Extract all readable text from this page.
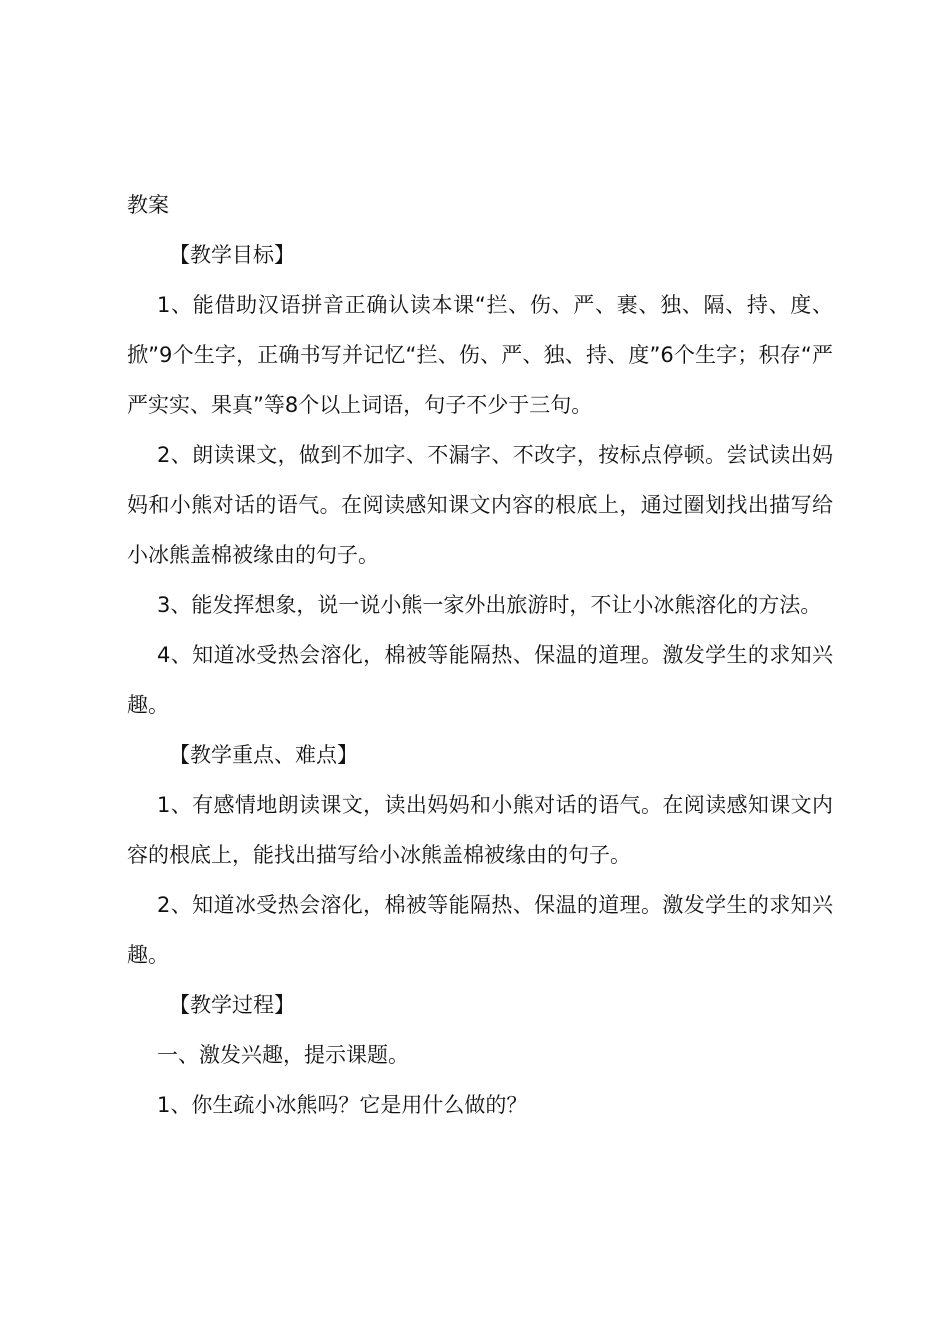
教案

【教学目标】

1、能借助汉语拼音正确认读本课“拦、伤、严、裹、独、隔、持、度、掀”9个生字，正确书写并记忆“拦、伤、严、独、持、度”6个生字；积存“严严实实、果真”等8个以上词语，句子不少于三句。

2、朗读课文，做到不加字、不漏字、不改字，按标点停顿。尝试读出妈妈和小熊对话的语气。在阅读感知课文内容的根底上，通过圈划找出描写给小冰熊盖棉被缘由的句子。

3、能发挥想象，说一说小熊一家外出旅游时，不让小冰熊溶化的方法。

4、知道冰受热会溶化，棉被等能隔热、保温的道理。激发学生的求知兴趣。

【教学重点、难点】

1、有感情地朗读课文，读出妈妈和小熊对话的语气。在阅读感知课文内容的根底上，能找出描写给小冰熊盖棉被缘由的句子。

2、知道冰受热会溶化，棉被等能隔热、保温的道理。激发学生的求知兴趣。

【教学过程】

一、激发兴趣，提示课题。

1、你生疏小冰熊吗？它是用什么做的？
